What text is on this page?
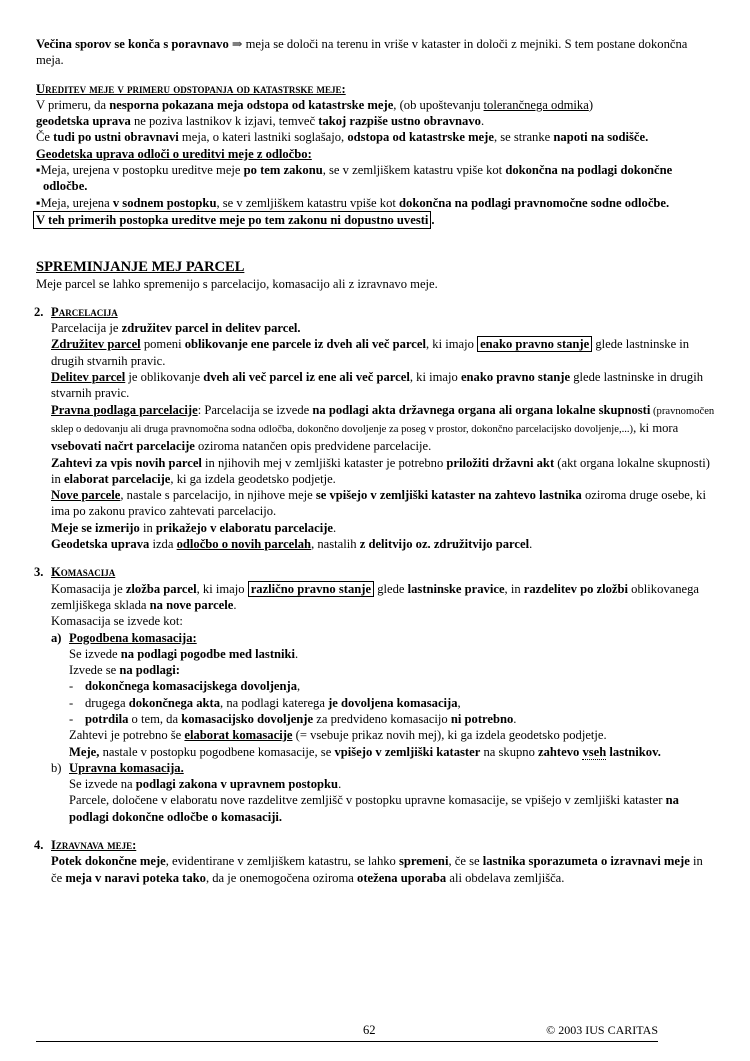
Večina sporov se konča s poravnavo ⇒ meja se določi na terenu in vriše v kataster in določi z mejniki. S tem postane dokončna meja.

Ureditev meje v primeru odstopanja od katastrske meje:

V primeru, da nesporna pokazana meja odstopa od katastrske meje, (ob upoštevanju tolerančnega odmika)
geodetska uprava ne poziva lastnikov k izjavi, temveč takoj razpiše ustno obravnavo.

Če tudi po ustni obravnavi meja, o kateri lastniki soglašajo, odstopa od katastrske meje, se stranke napoti na sodišče.

Geodetska uprava odloči o ureditvi meje z odločbo:

▪Meja, urejena v postopku ureditve meje po tem zakonu, se v zemljiškem katastru vpiše kot dokončna na podlagi dokončne odločbe.

▪Meja, urejena v sodnem postopku, se v zemljiškem katastru vpiše kot dokončna na podlagi pravnomočne sodne odločbe.

V teh primerih postopka ureditve meje po tem zakonu ni dopustno uvesti .

SPREMINJANJE MEJ PARCEL

Meje parcel se lahko spremenijo s parcelacijo, komasacijo ali z izravnavo meje.

2. Parcelacija

Parcelacija je združitev parcel in delitev parcel.

Združitev parcel pomeni oblikovanje ene parcele iz dveh ali več parcel, ki imajo enako pravno stanje glede lastninske in drugih stvarnih pravic.

Delitev parcel je oblikovanje dveh ali več parcel iz ene ali več parcel, ki imajo enako pravno stanje glede lastninske in drugih stvarnih pravic.

Pravna podlaga parcelacije: Parcelacija se izvede na podlagi akta državnega organa ali organa lokalne skupnosti (pravnomočen sklep o dedovanju ali druga pravnomočna sodna odločba, dokončno dovoljenje za poseg v prostor, dokončno parcelacijsko dovoljenje,...), ki mora vsebovati načrt parcelacije oziroma natančen opis predvidene parcelacije.

Zahtevi za vpis novih parcel in njihovih mej v zemljiški kataster je potrebno priložiti državni akt (akt organa lokalne skupnosti) in elaborat parcelacije, ki ga izdela geodetsko podjetje.

Nove parcele, nastale s parcelacijo, in njihove meje se vpišejo v zemljiški kataster na zahtevo lastnika oziroma druge osebe, ki ima po zakonu pravico zahtevati parcelacijo.

Meje se izmerijo in prikažejo v elaboratu parcelacije.

Geodetska uprava izda odločbo o novih parcelah, nastalih z delitvijo oz. združitvijo parcel.

3. Komasacija

Komasacija je zložba parcel, ki imajo različno pravno stanje glede lastninske pravice, in razdelitev po zložbi oblikovanega zemljiškega sklada na nove parcele.

Komasacija se izvede kot:

a) Pogodbena komasacija:

Se izvede na podlagi pogodbe med lastniki.

Izvede se na podlagi:

- dokončnega komasacijskega dovoljenja,

- drugega dokončnega akta, na podlagi katerega je dovoljena komasacija,

- potrdila o tem, da komasacijsko dovoljenje za predvideno komasacijo ni potrebno.

Zahtevi je potrebno še elaborat komasacije (= vsebuje prikaz novih mej), ki ga izdela geodetsko podjetje.

Meje, nastale v postopku pogodbene komasacije, se vpišejo v zemljiški kataster na skupno zahtevo vseh lastnikov.

b) Upravna komasacija.

Se izvede na podlagi zakona v upravnem postopku.

Parcele, določene v elaboratu nove razdelitve zemljišč v postopku upravne komasacije, se vpišejo v zemljiški kataster na podlagi dokončne odločbe o komasaciji.

4. Izravnava meje:

Potek dokončne meje, evidentirane v zemljiškem katastru, se lahko spremeni, če se lastnika sporazumeta o izravnavi meje in če meja v naravi poteka tako, da je onemogočena oziroma otežena uporaba ali obdelava zemljišča.

62	© 2003 IUS CARITAS
